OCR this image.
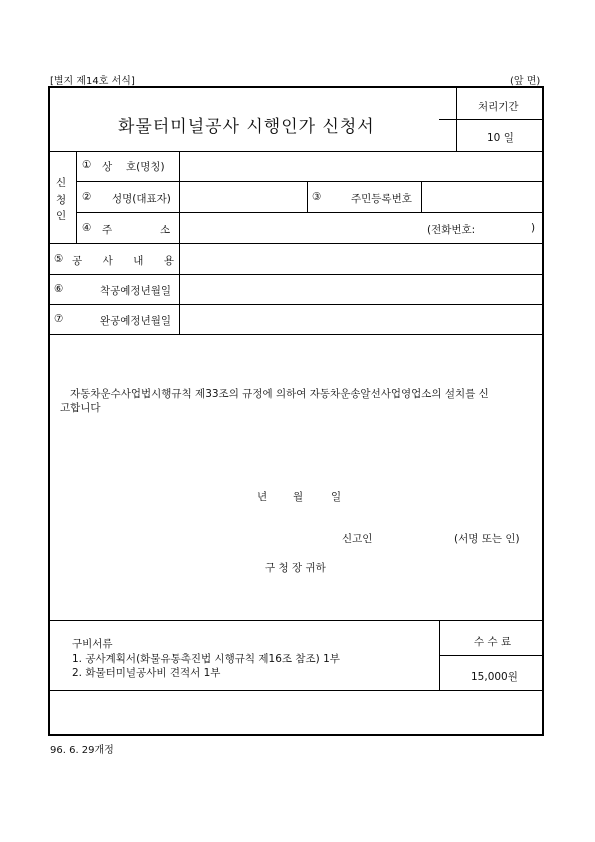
[별지 제14호 서식]	(앞 면)
화물터미널공사 시행인가 신청서
처리기간
10 일
신
청
인
① 상 호(명칭)
② 성명(대표자)	③	주민등록번호
④ 주	소	(전화번호:	)
⑤ 공 사 내 용
⑥	착공예정년월일
⑦	완공예정년월일
자동차운수사업법시행규칙 제33조의 규정에 의하여 자동차운송알선사업영업소의 설치를 신
고합니다
년 월	일
신고인	(서명 또는 인)
구 청 장 귀하
구비서류
1. 공사계획서(화물유통촉진법 시행규칙 제16조 참조) 1부
2. 화물터미널공사비 견적서 1부
수 수 료
15,000원
96. 6. 29개정
